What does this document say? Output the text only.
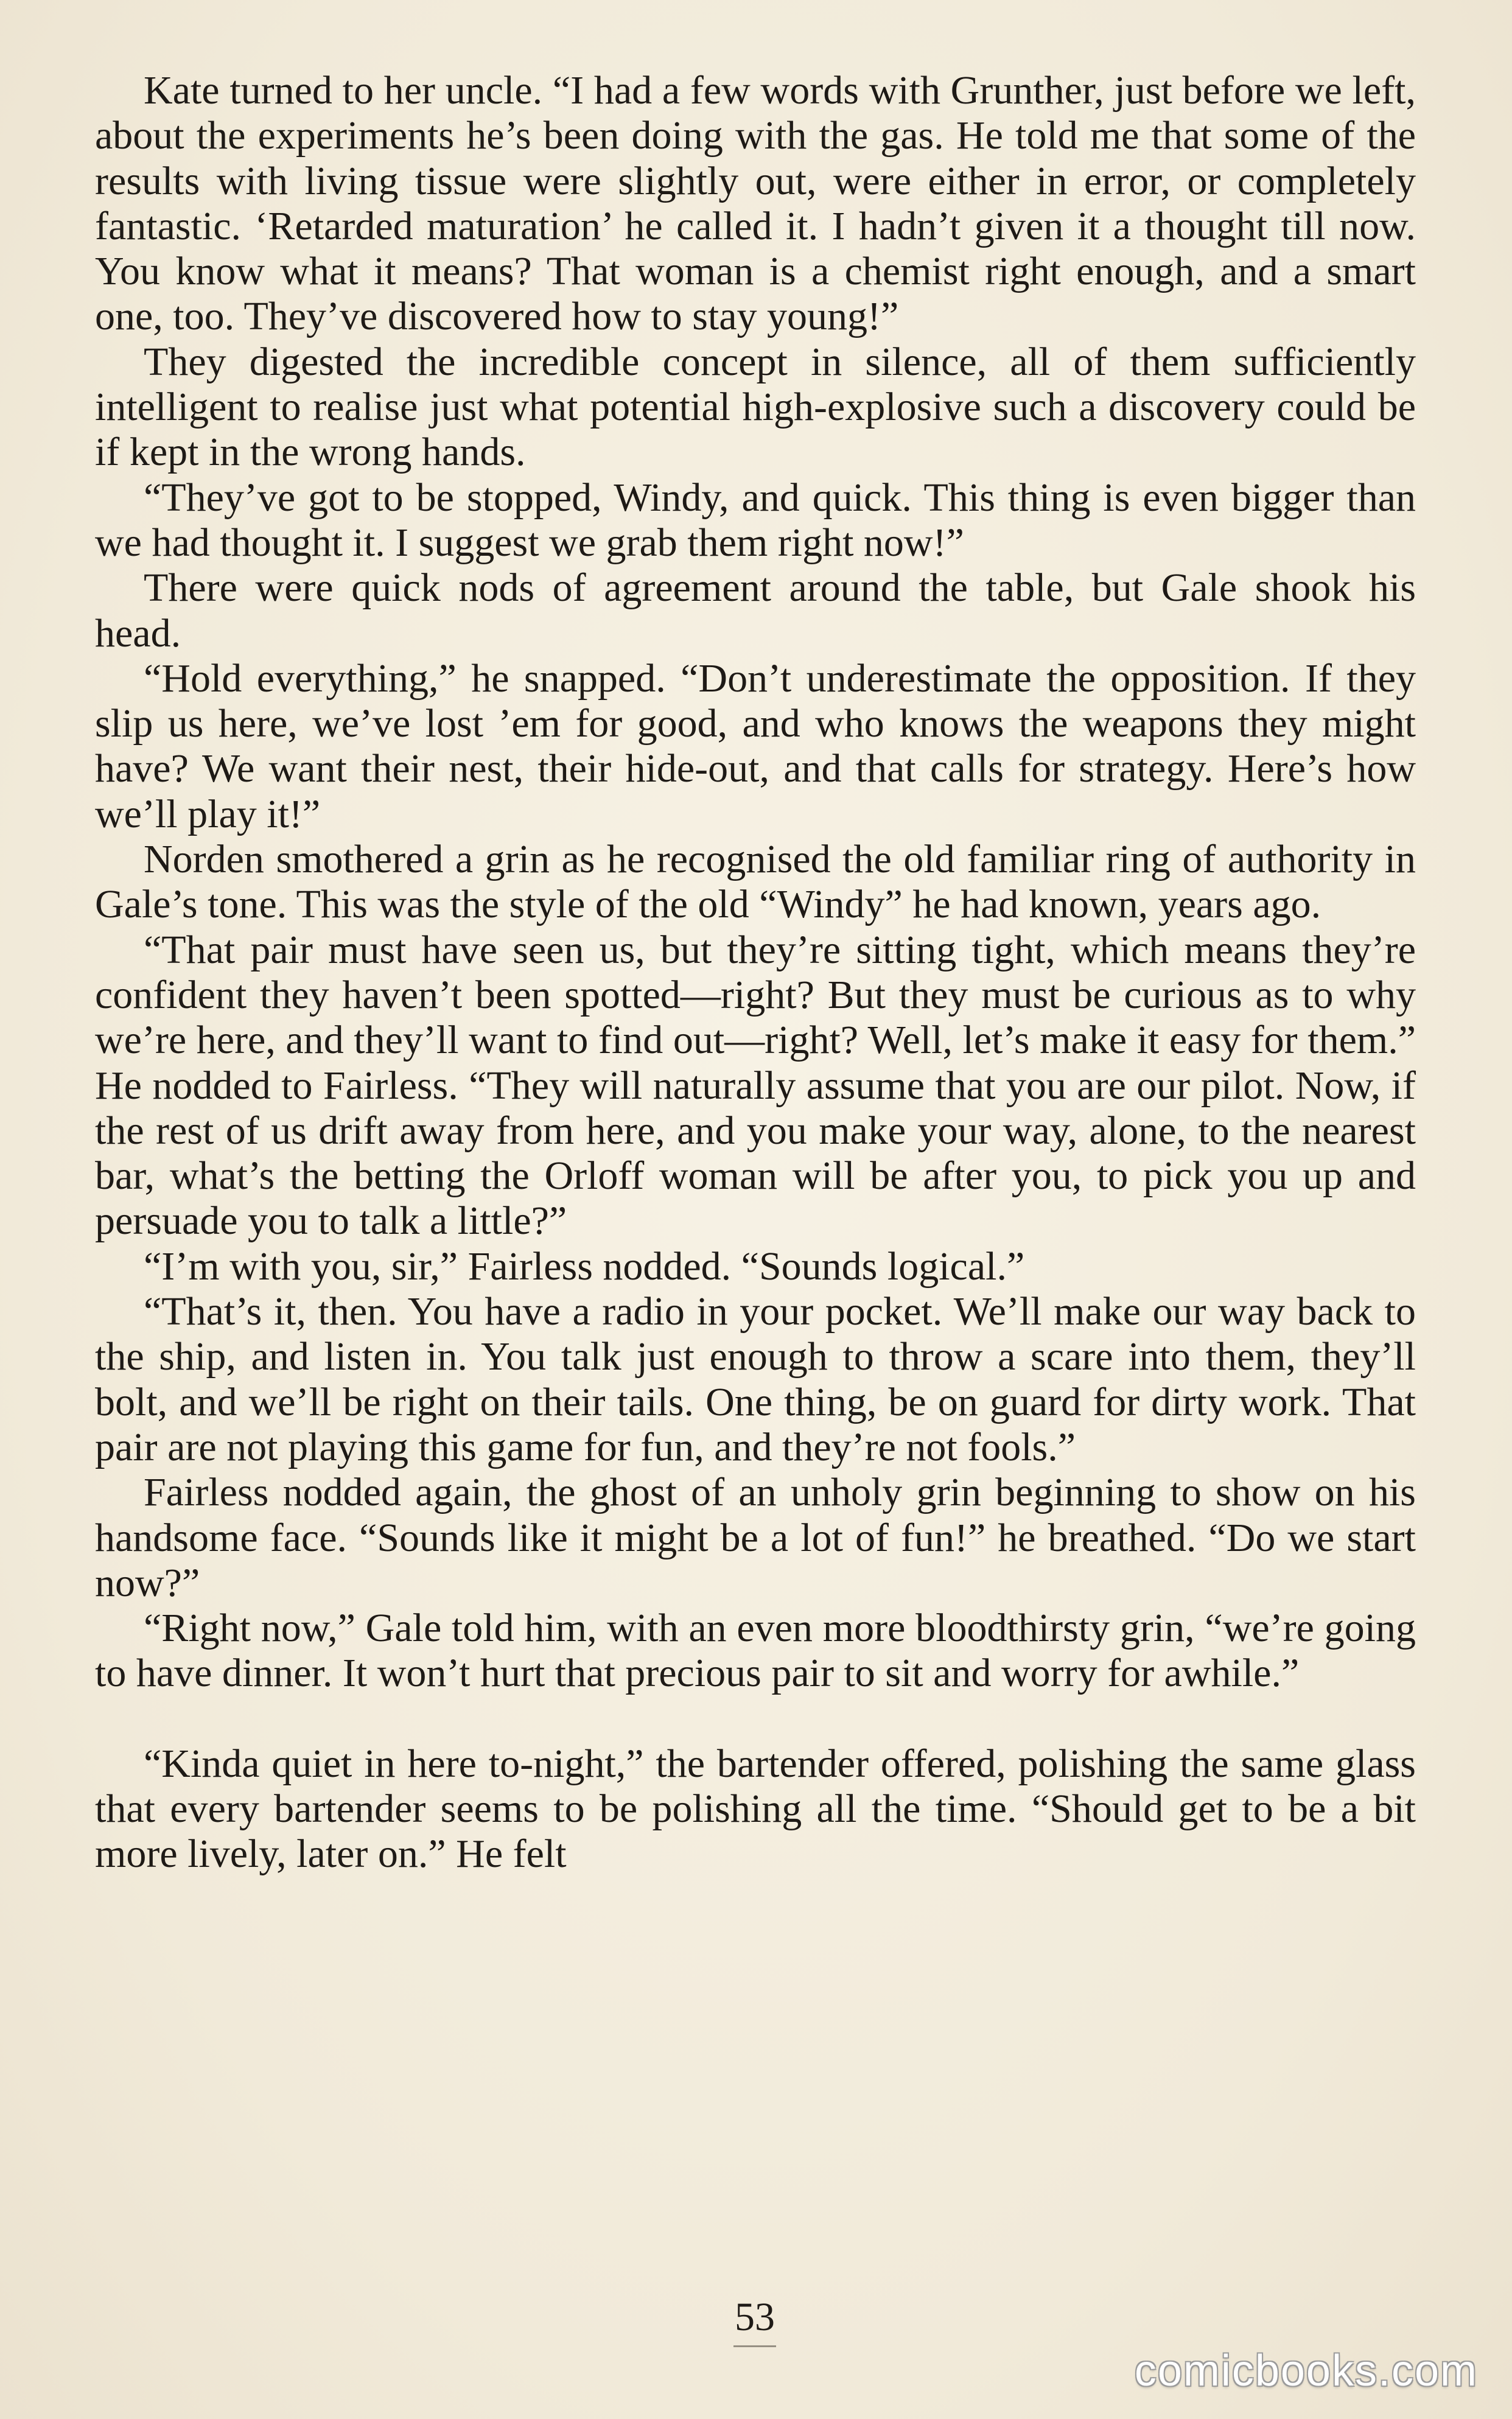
Kate turned to her uncle. “I had a few words with Grunther, just before we left, about the experiments he’s been doing with the gas. He told me that some of the results with living tissue were slightly out, were either in error, or completely fantastic. ‘Retarded maturation’ he called it. I hadn’t given it a thought till now. You know what it means? That woman is a chemist right enough, and a smart one, too. They’ve discovered how to stay young!”

They digested the incredible concept in silence, all of them sufficiently intelligent to realise just what potential high-explosive such a discovery could be if kept in the wrong hands.

“They’ve got to be stopped, Windy, and quick. This thing is even bigger than we had thought it. I suggest we grab them right now!”

There were quick nods of agreement around the table, but Gale shook his head.

“Hold everything,” he snapped. “Don’t underestimate the opposition. If they slip us here, we’ve lost ’em for good, and who knows the weapons they might have? We want their nest, their hide-out, and that calls for strategy. Here’s how we’ll play it!”

Norden smothered a grin as he recognised the old familiar ring of authority in Gale’s tone. This was the style of the old “Windy” he had known, years ago.

“That pair must have seen us, but they’re sitting tight, which means they’re confident they haven’t been spotted—right? But they must be curious as to why we’re here, and they’ll want to find out—right? Well, let’s make it easy for them.” He nodded to Fairless. “They will naturally assume that you are our pilot. Now, if the rest of us drift away from here, and you make your way, alone, to the nearest bar, what’s the betting the Orloff woman will be after you, to pick you up and persuade you to talk a little?”

“I’m with you, sir,” Fairless nodded. “Sounds logical.”

“That’s it, then. You have a radio in your pocket. We’ll make our way back to the ship, and listen in. You talk just enough to throw a scare into them, they’ll bolt, and we’ll be right on their tails. One thing, be on guard for dirty work. That pair are not playing this game for fun, and they’re not fools.”

Fairless nodded again, the ghost of an unholy grin beginning to show on his handsome face. “Sounds like it might be a lot of fun!” he breathed. “Do we start now?”

“Right now,” Gale told him, with an even more bloodthirsty grin, “we’re going to have dinner. It won’t hurt that precious pair to sit and worry for awhile.”

“Kinda quiet in here to-night,” the bartender offered, polishing the same glass that every bartender seems to be polishing all the time. “Should get to be a bit more lively, later on.” He felt

53
comicbooks.com
